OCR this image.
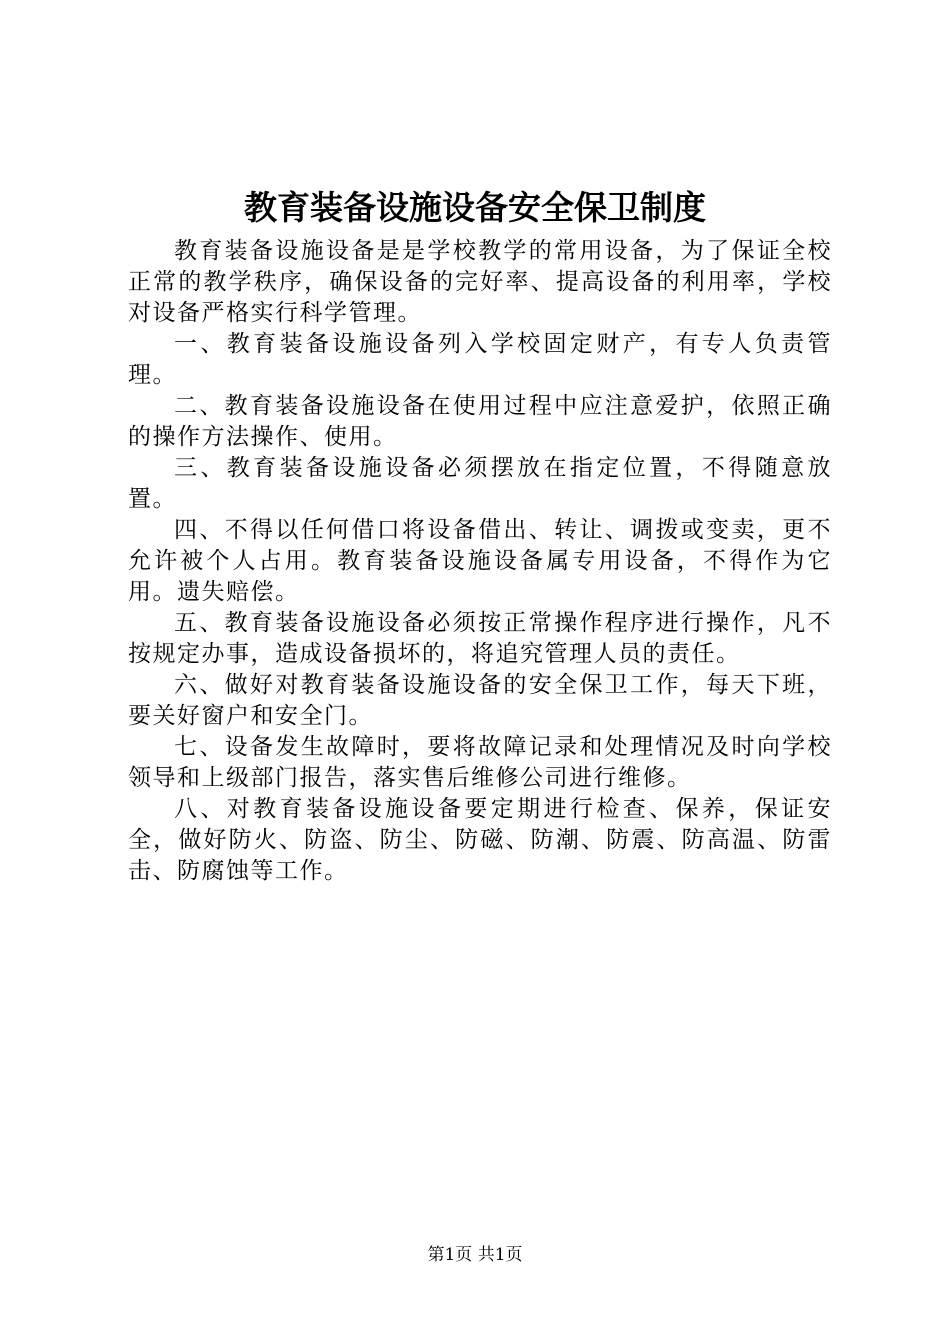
教育装备设施设备安全保卫制度

教育装备设施设备是是学校教学的常用设备，为了保证全校正常的教学秩序，确保设备的完好率、提高设备的利用率，学校对设备严格实行科学管理。

一、教育装备设施设备列入学校固定财产，有专人负责管理。

二、教育装备设施设备在使用过程中应注意爱护，依照正确的操作方法操作、使用。

三、教育装备设施设备必须摆放在指定位置，不得随意放置。

四、不得以任何借口将设备借出、转让、调拨或变卖，更不允许被个人占用。教育装备设施设备属专用设备，不得作为它用。遗失赔偿。

五、教育装备设施设备必须按正常操作程序进行操作，凡不按规定办事，造成设备损坏的，将追究管理人员的责任。

六、做好对教育装备设施设备的安全保卫工作，每天下班，要关好窗户和安全门。

七、设备发生故障时，要将故障记录和处理情况及时向学校领导和上级部门报告，落实售后维修公司进行维修。

八、对教育装备设施设备要定期进行检查、保养，保证安全，做好防火、防盗、防尘、防磁、防潮、防震、防高温、防雷击、防腐蚀等工作。

第1页 共1页
